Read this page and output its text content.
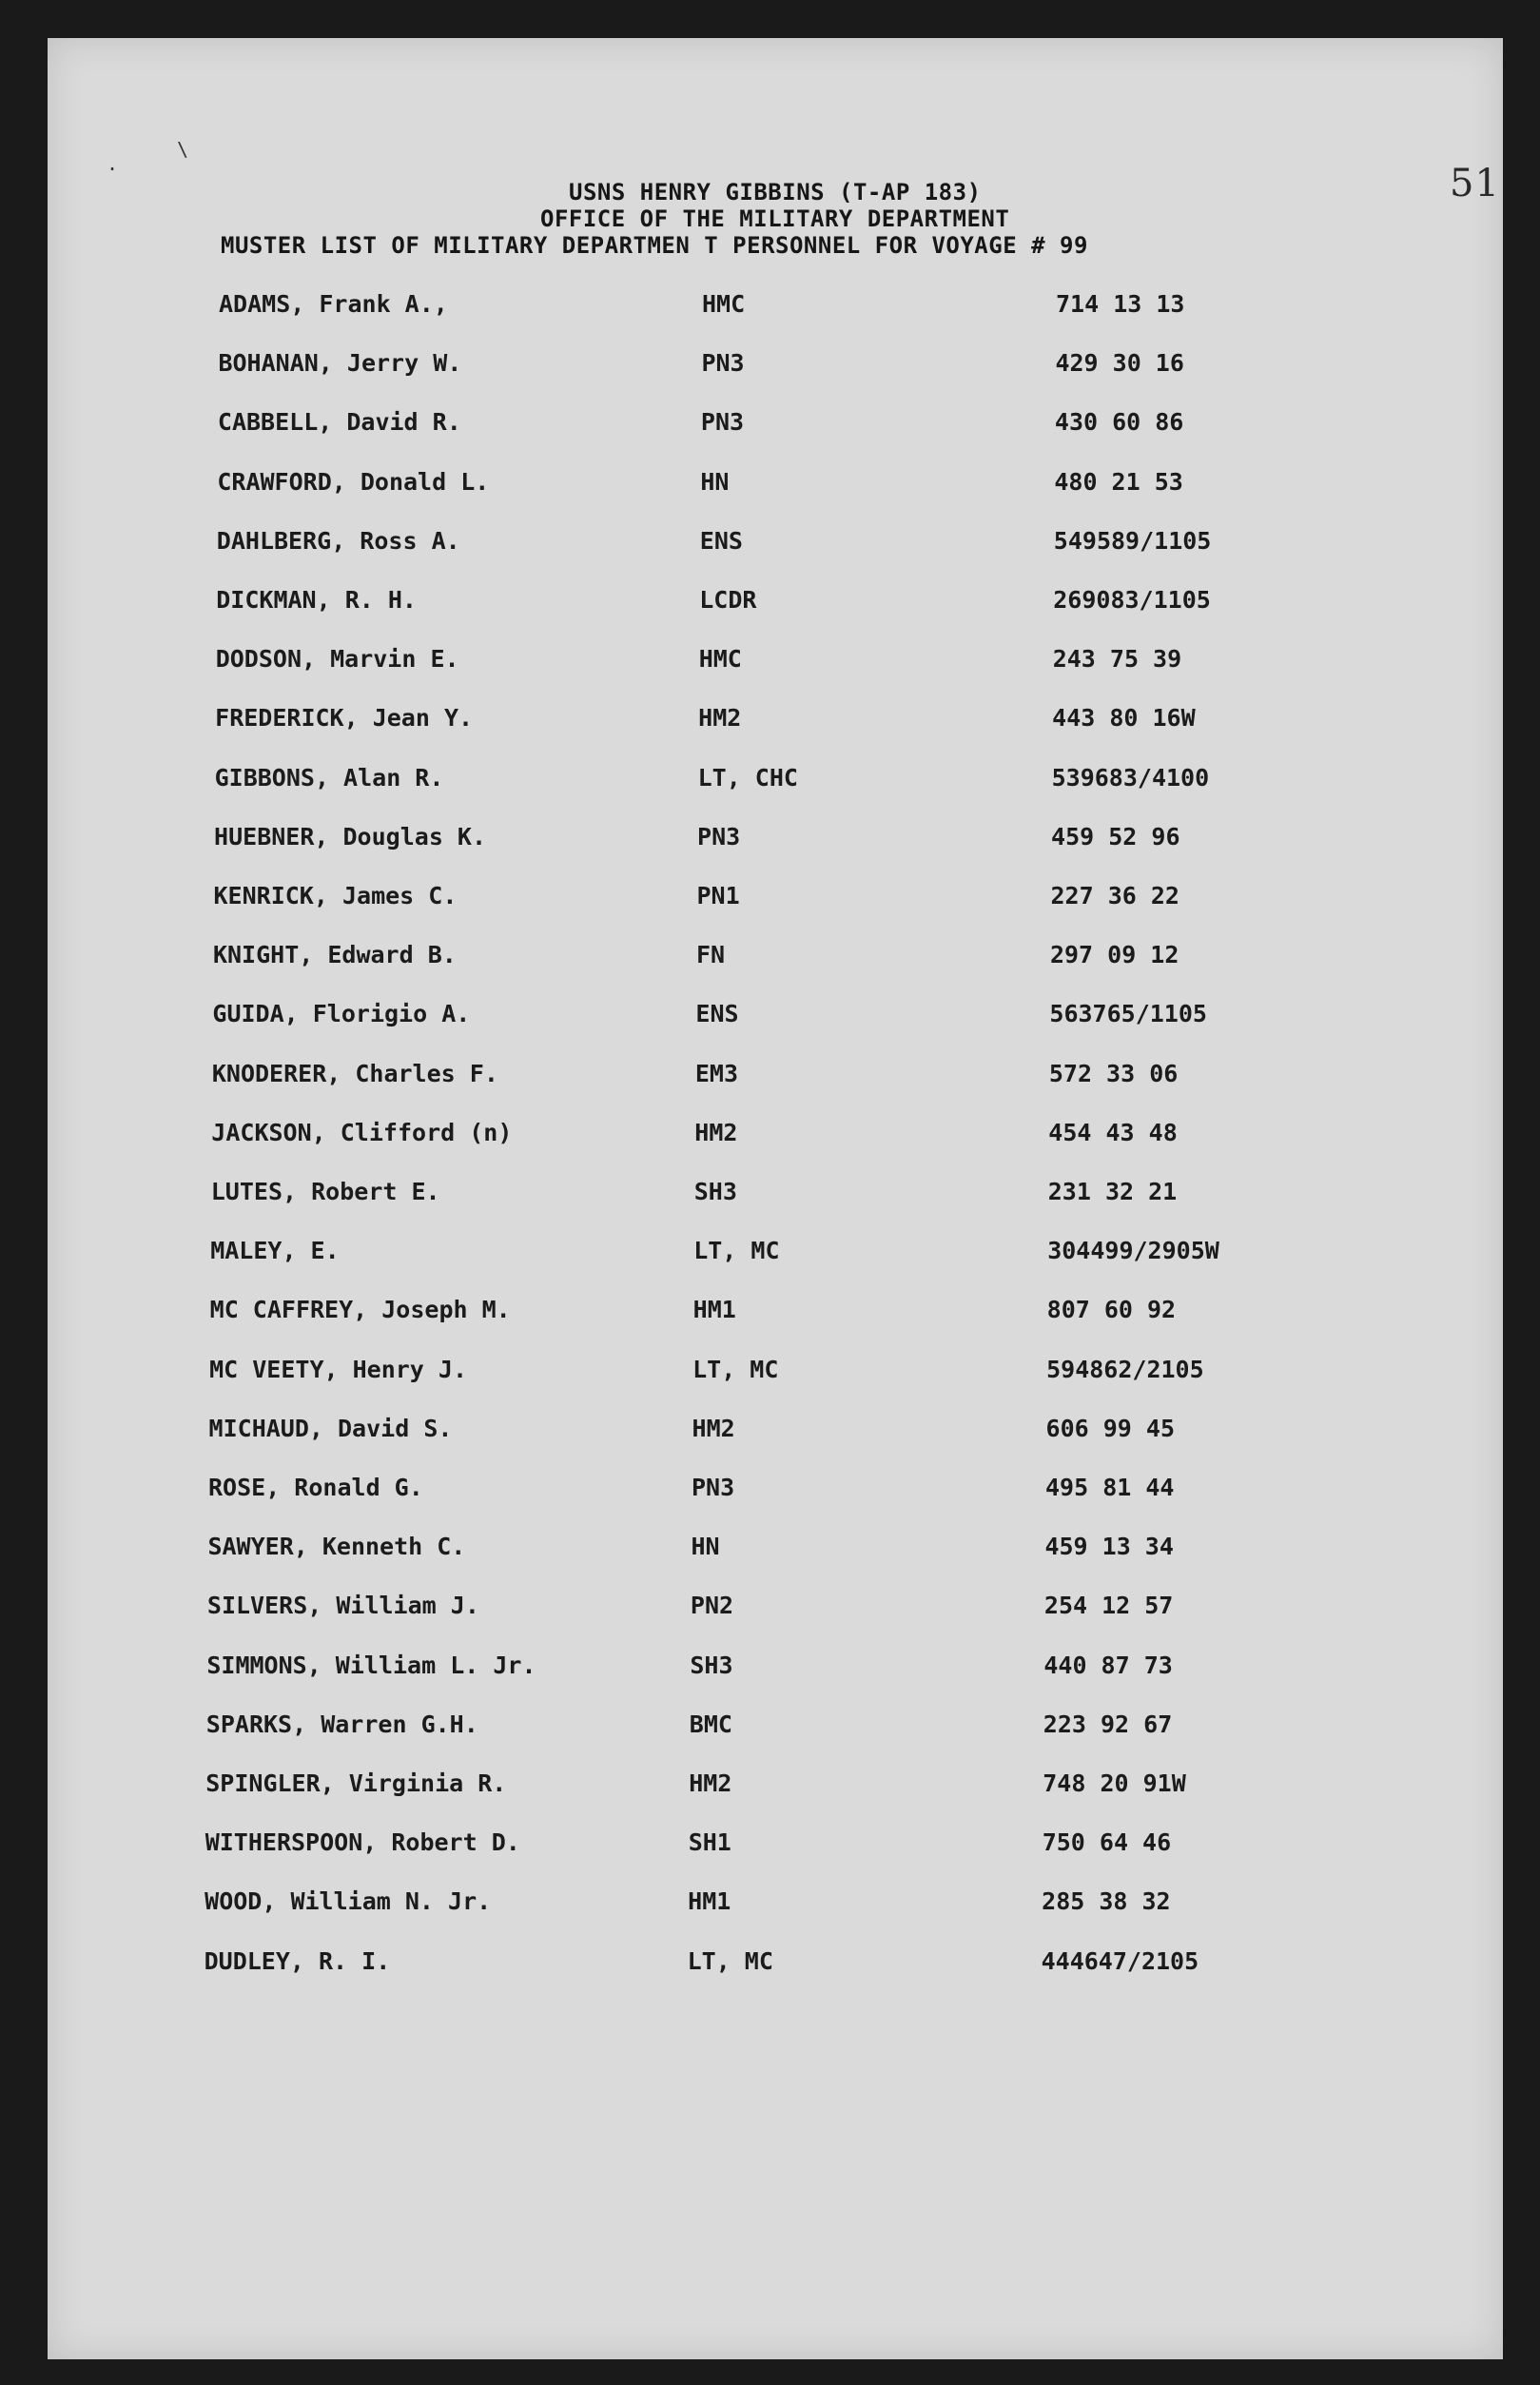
51
.
\
USNS HENRY GIBBINS (T-AP 183)
OFFICE OF THE MILITARY DEPARTMENT
MUSTER LIST OF MILITARY DEPARTMEN T PERSONNEL FOR VOYAGE # 99
ADAMS, Frank A.,	HMC	714 13 13
BOHANAN, Jerry W.	PN3	429 30 16
CABBELL, David R.	PN3	430 60 86
CRAWFORD, Donald L.	HN	480 21 53
DAHLBERG, Ross A.	ENS	549589/1105
DICKMAN, R. H.	LCDR	269083/1105
DODSON, Marvin E.	HMC	243 75 39
FREDERICK, Jean Y.	HM2	443 80 16W
GIBBONS, Alan R.	LT, CHC	539683/4100
HUEBNER, Douglas K.	PN3	459 52 96
KENRICK, James C.	PN1	227 36 22
KNIGHT, Edward B.	FN	297 09 12
GUIDA, Florigio A.	ENS	563765/1105
KNODERER, Charles F.	EM3	572 33 06
JACKSON, Clifford (n)	HM2	454 43 48
LUTES, Robert E.	SH3	231 32 21
MALEY, E.	LT, MC	304499/2905W
MC CAFFREY, Joseph M.	HM1	807 60 92
MC VEETY, Henry J.	LT, MC	594862/2105
MICHAUD, David S.	HM2	606 99 45
ROSE, Ronald G.	PN3	495 81 44
SAWYER, Kenneth C.	HN	459 13 34
SILVERS, William J.	PN2	254 12 57
SIMMONS, William L. Jr.	SH3	440 87 73
SPARKS, Warren G.H.	BMC	223 92 67
SPINGLER, Virginia R.	HM2	748 20 91W
WITHERSPOON, Robert D.	SH1	750 64 46
WOOD, William N. Jr.	HM1	285 38 32
DUDLEY, R. I.	LT, MC	444647/2105
